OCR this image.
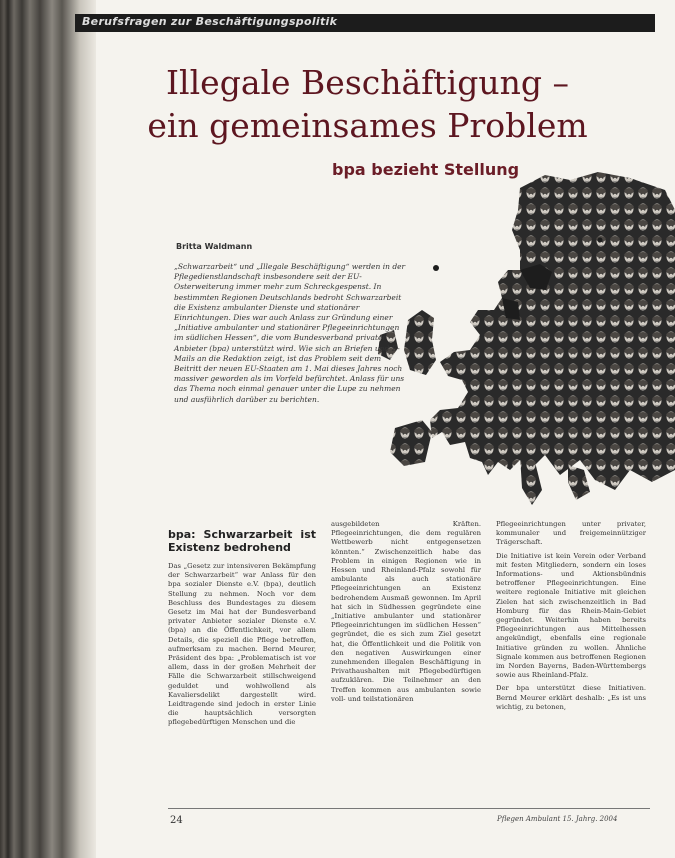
Berufsfragen zur Beschäftigungspolitik
Illegale Beschäftigung –
ein gemeinsames Problem
bpa bezieht Stellung
Britta Waldmann
„Schwarzarbeit“ und „Illegale Beschäftigung“ werden in der Pflegedienstlandschaft insbesondere seit der EU-Osterweiterung immer mehr zum Schreckgespenst. In bestimmten Regionen Deutschlands bedroht Schwarzarbeit die Existenz ambulanter Dienste und stationärer Einrichtungen. Dies war auch Anlass zur Gründung einer „Initiative ambulanter und stationärer Pflegeeinrichtungen im südlichen Hessen“, die vom Bundesverband privater Anbieter (bpa) unterstützt wird. Wie sich an Briefen und E-Mails an die Redaktion zeigt, ist das Problem seit dem Beitritt der neuen EU-Staaten am 1. Mai dieses Jahres noch massiver geworden als im Vorfeld befürchtet. Anlass für uns das Thema noch einmal genauer unter die Lupe zu nehmen und ausführlich darüber zu berichten.
bpa: Schwarzarbeit ist Existenz bedrohend

Das „Gesetz zur intensiveren Bekämpfung der Schwarzarbeit“ war Anlass für den bpa sozialer Dienste e.V. (bpa), deutlich Stellung zu nehmen. Noch vor dem Beschluss des Bundestages zu diesem Gesetz im Mai hat der Bundesverband privater Anbieter sozialer Dienste e.V. (bpa) an die Öffentlichkeit, vor allem Details, die speziell die Pflege betreffen, aufmerksam zu machen. Bernd Meurer, Präsident des bpa: „Problematisch ist vor allem, dass in der großen Mehrheit der Fälle die Schwarzarbeit stillschweigend geduldet und wohlwollend als Kavaliersdelikt dargestellt wird. Leidtragende sind jedoch in erster Linie die hauptsächlich versorgten pflegebedürftigen Menschen und die

ausgebildeten Kräften. Pflegeeinrichtungen, die dem regulären Wettbewerb nicht entgegensetzen könnten.“ Zwischenzeitlich habe das Problem in einigen Regionen wie in Hessen und Rheinland-Pfalz sowohl für ambulante als auch stationäre Pflegeeinrichtungen an Existenz bedrohendem Ausmaß gewonnen. Im April hat sich in Südhessen gegründete eine „Initiative ambulanter und stationärer Pflegeeinrichtungen im südlichen Hessen“ gegründet, die es sich zum Ziel gesetzt hat, die Öffentlichkeit und die Politik von den negativen Auswirkungen einer zunehmenden illegalen Beschäftigung in Privathaushalten mit Pflegebedürftigen aufzuklären. Die Teilnehmer an den Treffen kommen aus ambulanten sowie voll- und teilstationären

Pflegeeinrichtungen unter privater, kommunaler und freigemeinnütziger Trägerschaft.

Die Initiative ist kein Verein oder Verband mit festen Mitgliedern, sondern ein loses Informations- und Aktionsbündnis betroffener Pflegeeinrichtungen. Eine weitere regionale Initiative mit gleichen Zielen hat sich zwischenzeitlich in Bad Homburg für das Rhein-Main-Gebiet gegründet. Weiterhin haben bereits Pflegeeinrichtungen aus Mittelhessen angekündigt, ebenfalls eine regionale Initiative gründen zu wollen. Ähnliche Signale kommen aus betroffenen Regionen im Norden Bayerns, Baden-Württembergs sowie aus Rheinland-Pfalz.

Der bpa unterstützt diese Initiativen. Bernd Meurer erklärt deshalb: „Es ist uns wichtig, zu betonen,

24	Pflegen Ambulant 15. Jahrg. 2004
